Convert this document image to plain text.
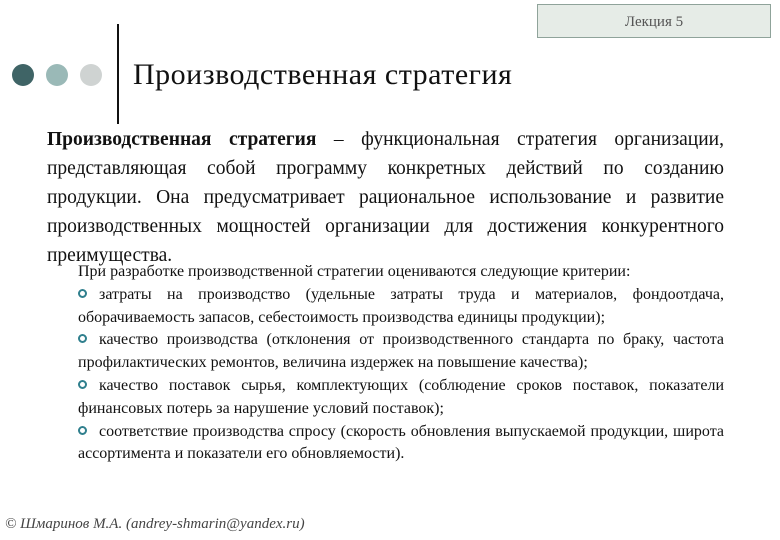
Лекция 5
Производственная стратегия

Производственная стратегия – функциональная стратегия организации, представляющая собой программу конкретных действий по созданию продукции. Она предусматривает рациональное использование и развитие производственных мощностей организации для достижения конкурентного преимущества.

При разработке производственной стратегии оцениваются следующие критерии:

затраты на производство (удельные затраты труда и материалов, фондоотдача, оборачиваемость запасов, себестоимость производства единицы продукции);
качество производства (отклонения от производственного стандарта по браку, частота профилактических ремонтов, величина издержек на повышение качества);
качество поставок сырья, комплектующих (соблюдение сроков поставок, показатели финансовых потерь за нарушение условий поставок);
соответствие производства спросу (скорость обновления выпускаемой продукции, широта ассортимента и показатели его обновляемости).
© Шмаринов М.А. (andrey-shmarin@yandex.ru)
